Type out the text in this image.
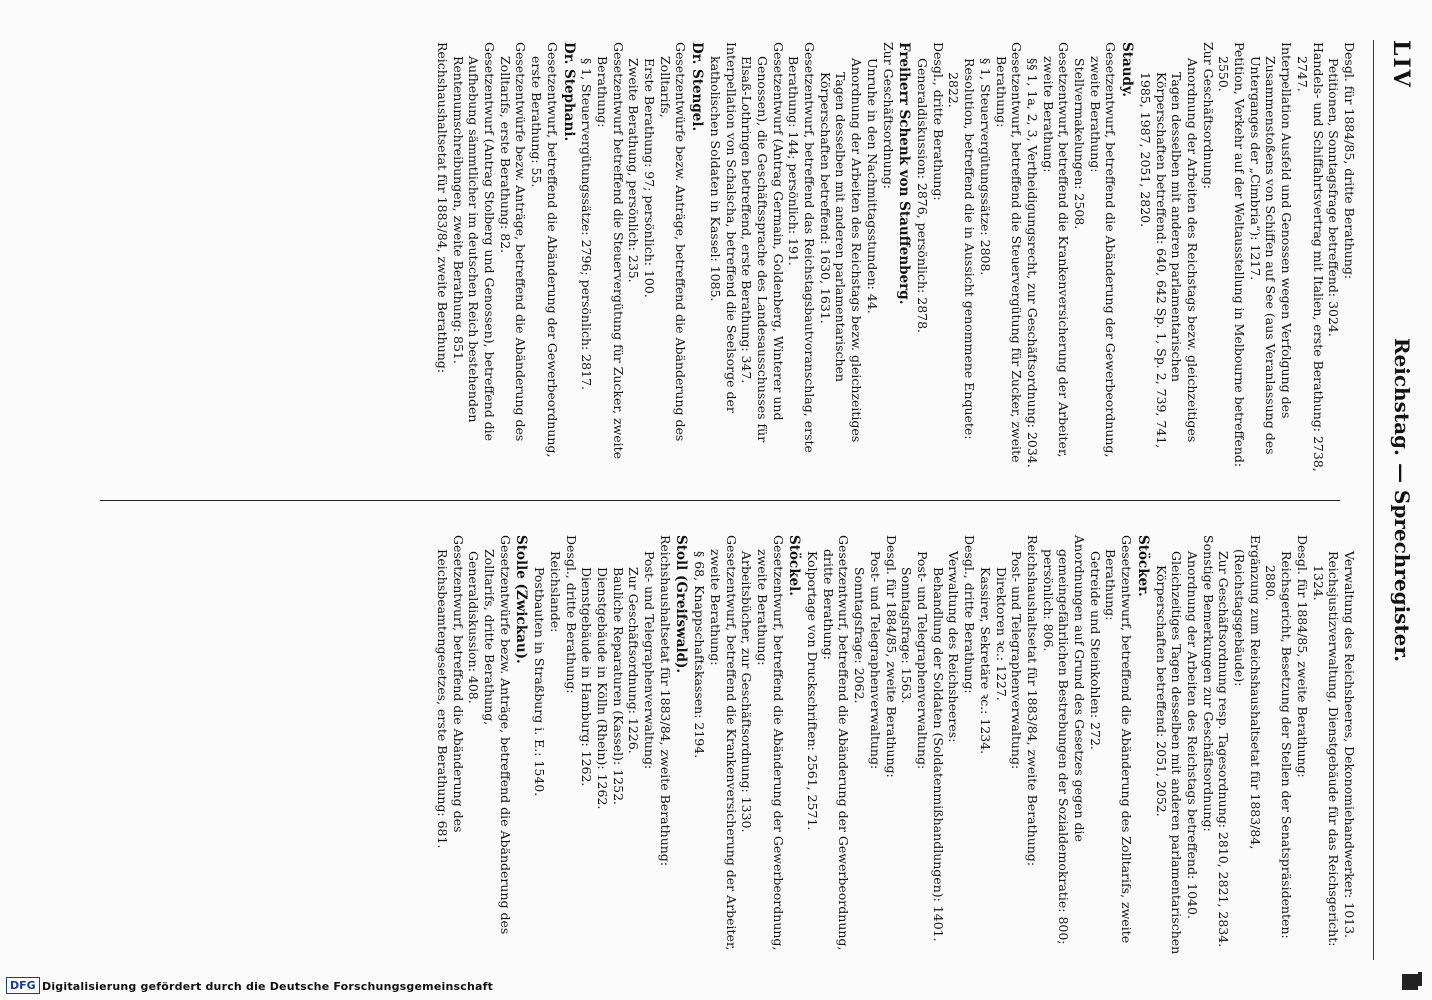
LIV
Reichstag. — Sprechregister.

Desgl. für 1884/85, dritte Berathung:

Petitionen, Sonntagsfrage betreffend: 3024.

Handels- und Schiffahrtsvertrag mit Italien, erste Berathung: 2738, 2747.

Interpellation Ausfeld und Genossen wegen Verfolgung des Zusammenstoßens von Schiffen auf See (aus Veranlassung des Unterganges der „Cimbria“): 1217.

Petition, Verkehr auf der Weltausstellung in Melbourne betreffend: 2550.

Zur Geschäftsordnung:

Anordnung der Arbeiten des Reichstags bezw. gleichzeitiges Tagen desselben mit anderen parlamentarischen Körperschaften betreffend: 640, 642 Sp. 1, Sp. 2, 739, 741, 1985, 1987, 2051, 2820.

Staudy.

Gesetzentwurf, betreffend die Abänderung der Gewerbeordnung, zweite Berathung:

Stellvermakelungen: 2508.

Gesetzentwurf, betreffend die Krankenversicherung der Arbeiter, zweite Berathung:

§§ 1, 1a, 2, 3, Vertheidigungsrecht, zur Geschäftsordnung: 2034.

Gesetzentwurf, betreffend die Steuervergütung für Zucker, zweite Berathung:

§ 1, Steuervergütungssätze: 2808.

Resolution, betreffend die in Aussicht genommene Enquete: 2822.

Desgl., dritte Berathung:

Generaldiskussion: 2876, persönlich: 2878.

Freiherr Schenk von Stauffenberg.

Zur Geschäftsordnung:

Unruhe in den Nachmittagsstunden: 44.

Anordnung der Arbeiten des Reichstags bezw. gleichzeitiges Tagen desselben mit anderen parlamentarischen Körperschaften betreffend: 1630, 1631.

Gesetzentwurf, betreffend das Reichstagsbautvoranschlag, erste Berathung: 144; persönlich: 191.

Gesetzentwurf (Antrag Germain, Goldenberg, Winterer und Genossen), die Geschäftssprache des Landesausschusses für Elsaß-Lothringen betreffend, erste Berathung: 347.

Interpellation von Schalscha, betreffend die Seelsorge der katholischen Soldaten in Kassel: 1085.

Dr. Stengel.

Gesetzentwürfe bezw. Anträge, betreffend die Abänderung des Zolltarifs,

Erste Berathung: 97; persönlich: 100.

Zweite Berathung, persönlich: 235.

Gesetzentwurf betreffend die Steuervergütung für Zucker, zweite Berathung:

§ 1, Steuervergütungssätze: 2796; persönlich: 2817.

Dr. Stephani.

Gesetzentwurf, betreffend die Abänderung der Gewerbeordnung, erste Berathung: 55.

Gesetzentwürfe bezw. Anträge, betreffend die Abänderung des Zolltarifs, erste Berathung: 82.

Gesetzentwurf (Antrag Stolberg und Genossen), betreffend die Aufhebung sämmtlicher im deutschen Reich bestehenden Rentenumschreibungen, zweite Berathung: 851.

Reichshaushaltsetat für 1883/84, zweite Berathung:

Verwaltung des Reichsheeres, Dekonomiehandwerker: 1013.

Reichsjustizverwaltung, Dienstgebäude für das Reichsgericht: 1324.

Desgl. für 1884/85, zweite Berathung:

Reichsgericht, Besetzung der Stellen der Senatspräsidenten: 2880.

Ergänzung zum Reichshaushaltsetat für 1883/84, (Reichstagsgebäude):

Zur Geschäftsordnung resp. Tagesordnung: 2810, 2821, 2834.

Sonstige Bemerkungen zur Geschäftsordnung:

Anordnung der Arbeiten des Reichstags betreffend: 1040.

Gleichzeitiges Tagen desselben mit anderen parlamentarischen Körperschaften betreffend: 2051, 2052.

Stöcker.

Gesetzentwurf, betreffend die Abänderung des Zolltarifs, zweite Berathung:

Getreide und Steinkohlen: 272.

Anordnungen auf Grund des Gesetzes gegen die gemeingefährlichen Bestrebungen der Sozialdemokratie: 800; persönlich: 806.

Reichshaushaltsetat für 1883/84, zweite Berathung:

Post- und Telegraphenverwaltung:

Direktoren ꝛc.: 1227.

Kassirer, Sekretäre ꝛc.: 1234.

Desgl., dritte Berathung:

Verwaltung des Reichsheeres:

Behandlung der Soldaten (Soldatenmißhandlungen): 1401.

Post- und Telegraphenverwaltung:

Sonntagsfrage: 1563.

Desgl. für 1884/85, zweite Berathung:

Post- und Telegraphenverwaltung:

Sonntagsfrage: 2062.

Gesetzentwurf, betreffend die Abänderung der Gewerbeordnung, dritte Berathung:

Kolportage von Druckschriften: 2561, 2571.

Stöckel.

Gesetzentwurf, betreffend die Abänderung der Gewerbeordnung, zweite Berathung:

Arbeitsbücher, zur Geschäftsordnung: 1330.

Gesetzentwurf, betreffend die Krankenversicherung der Arbeiter, zweite Berathung:

§ 68, Knappschaftskassen: 2194.

Stoll (Greifswald).

Reichshaushaltsetat für 1883/84, zweite Berathung:

Post- und Telegraphenverwaltung:

Zur Geschäftsordnung: 1226.

Bauliche Reparaturen (Kassel): 1252.

Dienstgebäude in Kölln (Rhein): 1262.

Dienstgebäude in Hamburg: 1262.

Desgl., dritte Berathung:

Reichslande:

Postbauten in Straßburg i. E.: 1540.

Stolle (Zwickau).

Gesetzentwürfe bezw. Anträge, betreffend die Abänderung des Zolltarifs, dritte Berathung,

Generaldiskussion: 408.

Gesetzentwurf, betreffend die Abänderung des Reichsbeamtengesetzes, erste Berathung: 681.

DFG Digitalisierung gefördert durch die Deutsche Forschungsgemeinschaft
